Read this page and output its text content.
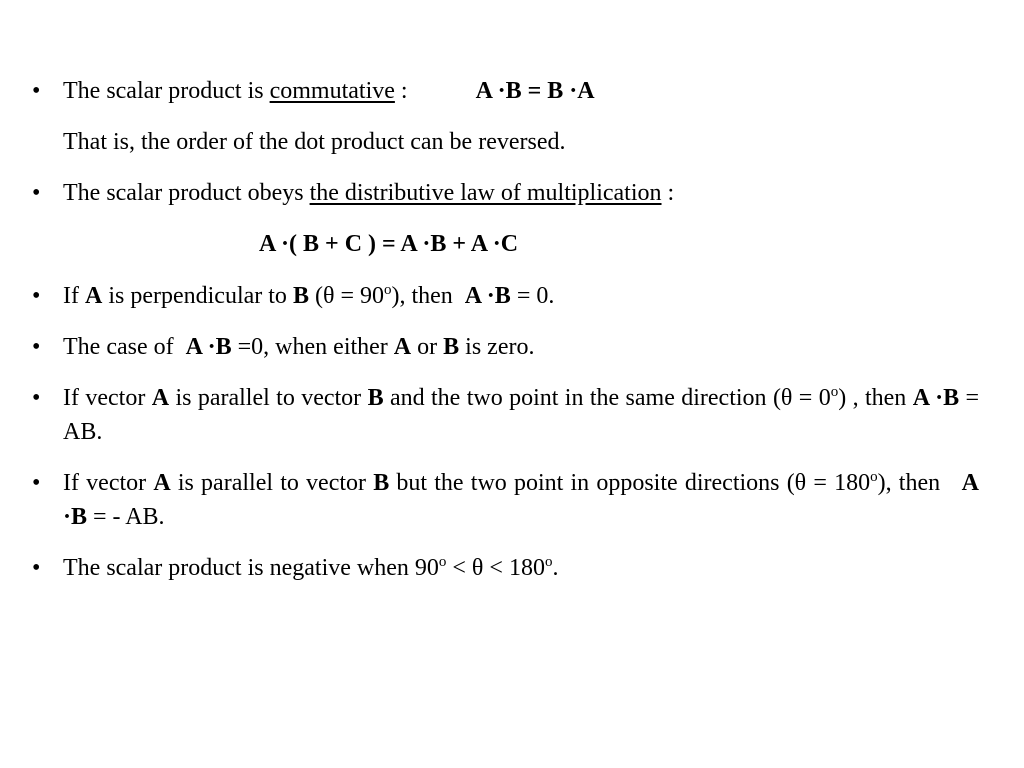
• The scalar product is commutative :	A ·B = B ·A
That is, the order of the dot product can be reversed.
• The scalar product obeys the distributive law of multiplication :
A ·( B + C ) = A ·B + A ·C
• If A is perpendicular to B $(\theta = 90^o)$, then  A ·B = 0.
• The case of  A ·B =0, when either A or B is zero.
• If vector A is parallel to vector B and the two point in the same direction $(\theta = 0^o)$ , then A ·B = AB.
• If vector A is parallel to vector B but the two point in opposite directions $(\theta = 180^o)$, then   A ·B = - AB.
• The scalar product is negative when $90^o < \theta < 180^o$.
